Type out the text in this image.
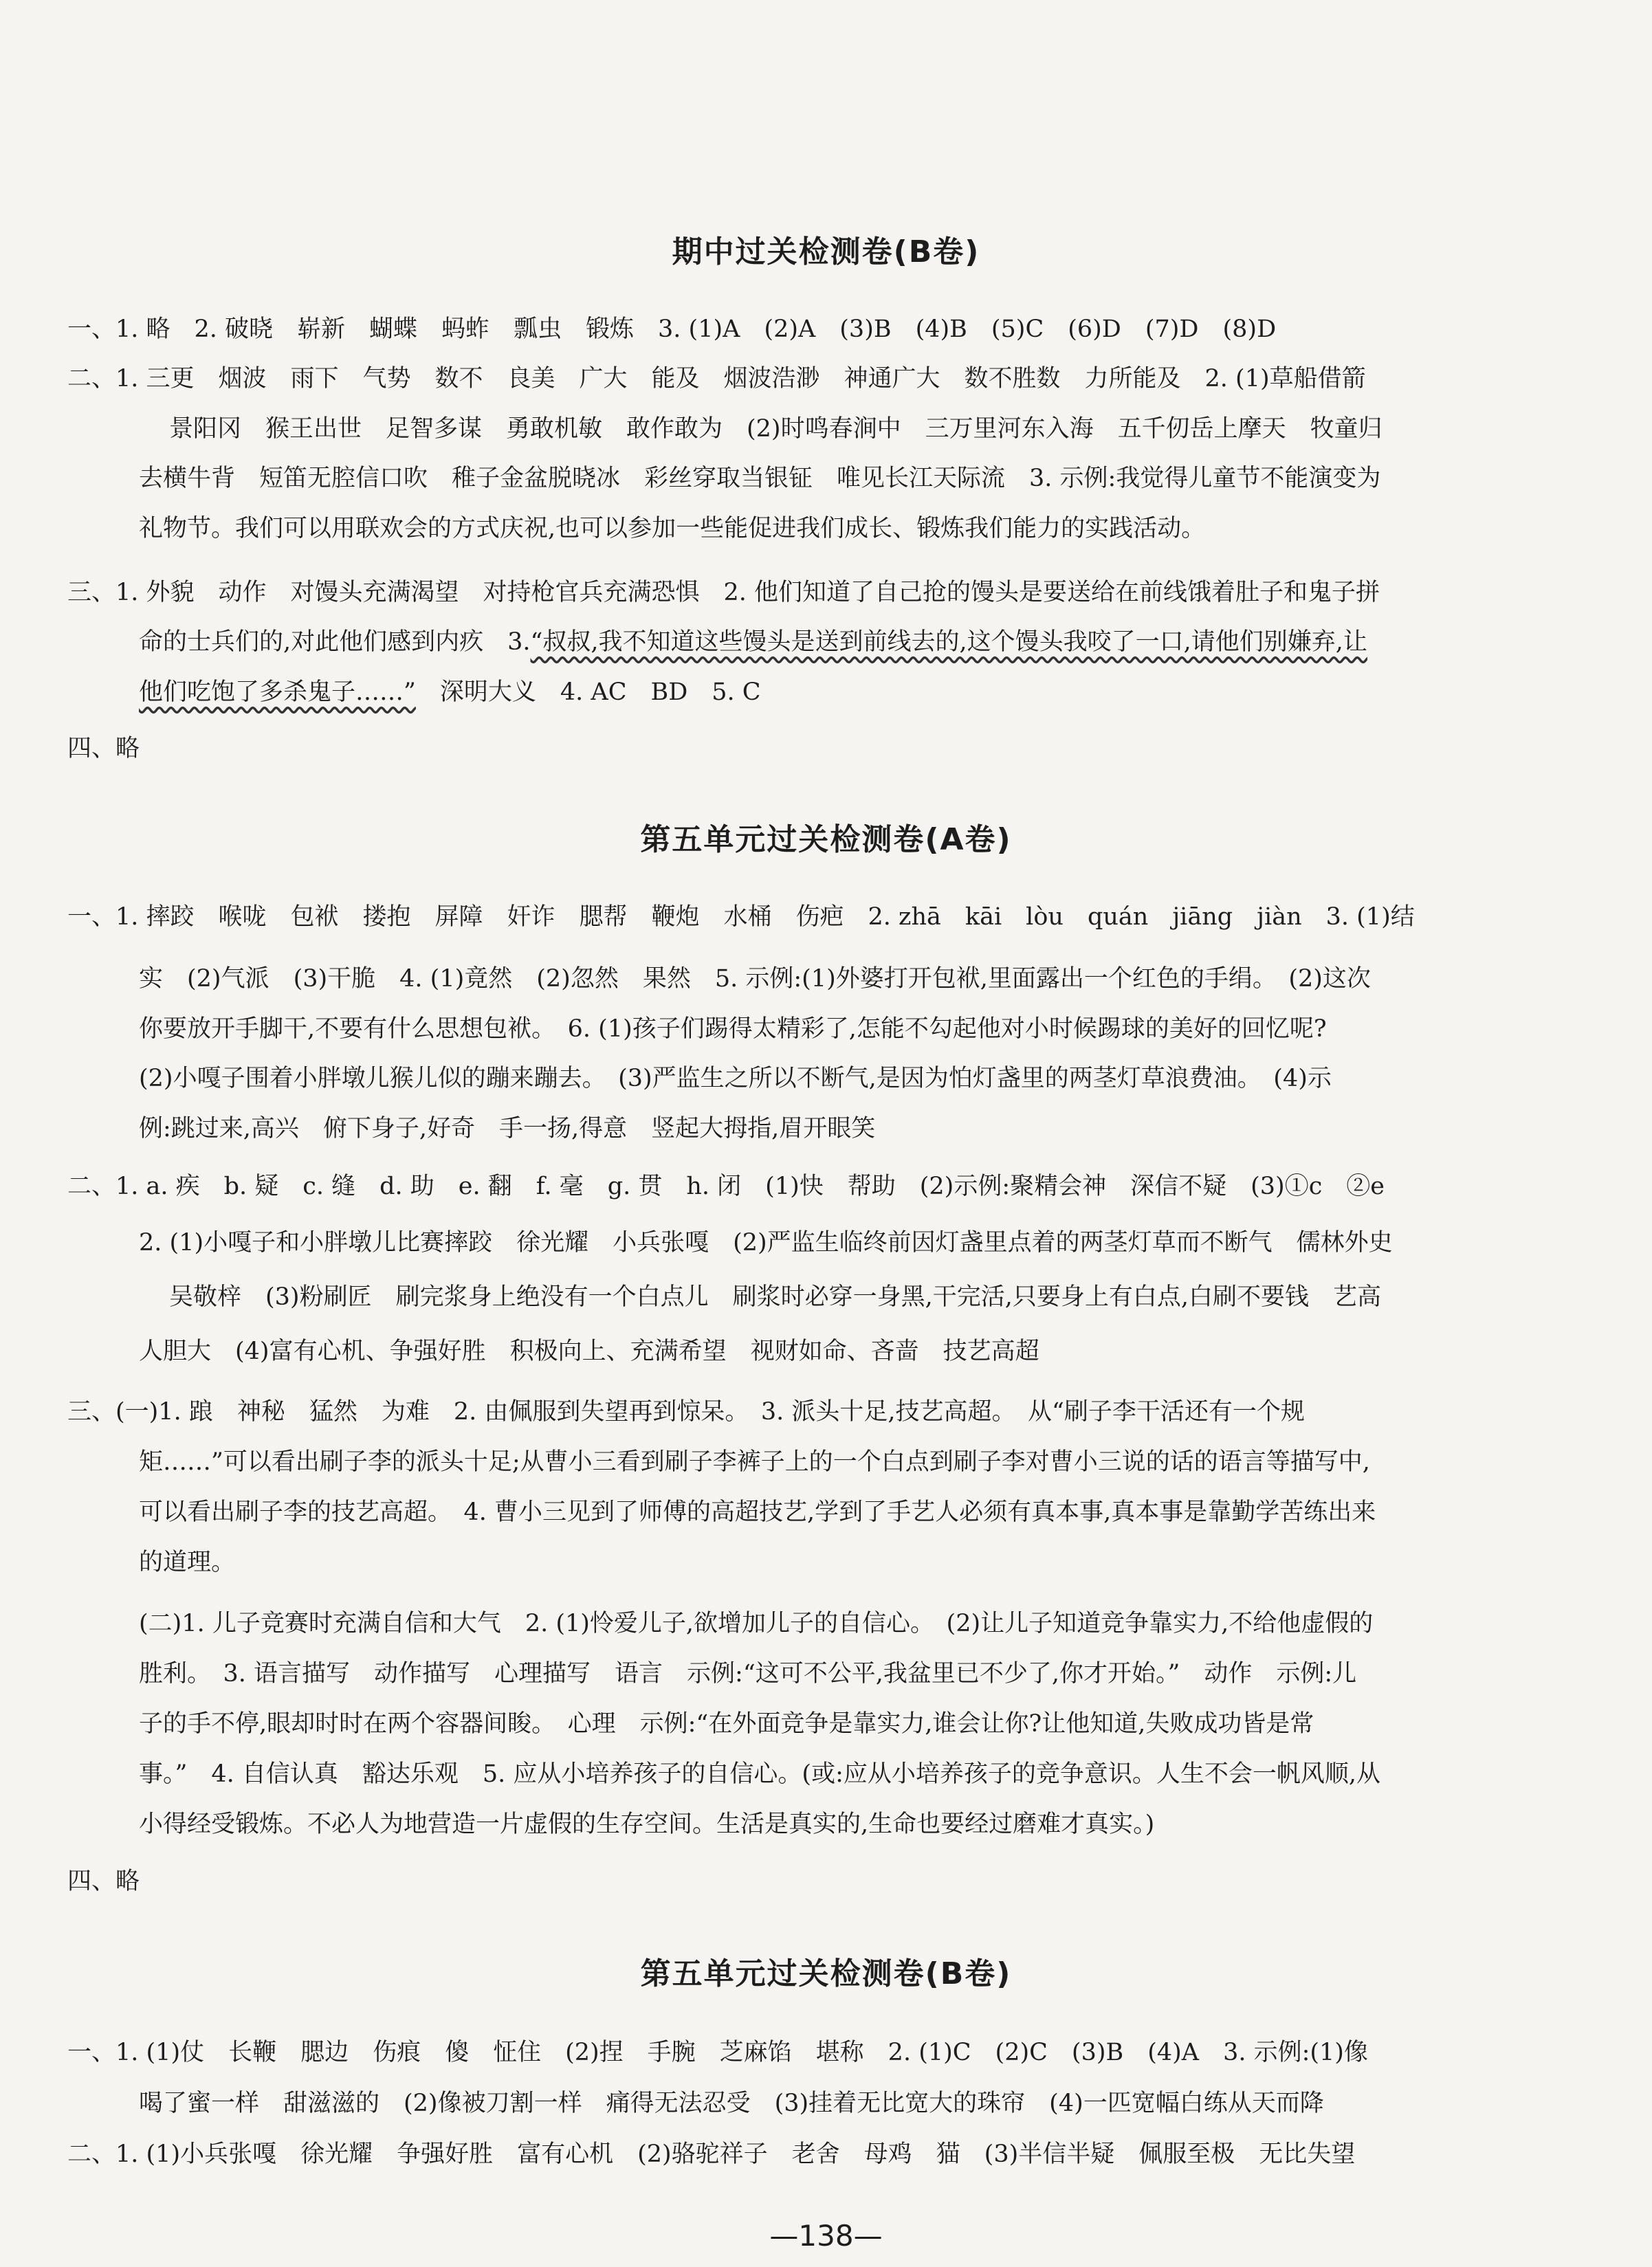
期中过关检测卷(B卷)
一、1. 略　2. 破晓　崭新　蝴蝶　蚂蚱　瓢虫　锻炼　3. (1)A　(2)A　(3)B　(4)B　(5)C　(6)D　(7)D　(8)D
二、1. 三更　烟波　雨下　气势　数不　良美　广大　能及　烟波浩渺　神通广大　数不胜数　力所能及　2. (1)草船借箭
景阳冈　猴王出世　足智多谋　勇敢机敏　敢作敢为　(2)时鸣春涧中　三万里河东入海　五千仞岳上摩天　牧童归
去横牛背　短笛无腔信口吹　稚子金盆脱晓冰　彩丝穿取当银钲　唯见长江天际流　3. 示例:我觉得儿童节不能演变为
礼物节。我们可以用联欢会的方式庆祝,也可以参加一些能促进我们成长、锻炼我们能力的实践活动。
三、1. 外貌　动作　对馒头充满渴望　对持枪官兵充满恐惧　2. 他们知道了自己抢的馒头是要送给在前线饿着肚子和鬼子拼
命的士兵们的,对此他们感到内疚　3.“叔叔,我不知道这些馒头是送到前线去的,这个馒头我咬了一口,请他们别嫌弃,让
他们吃饱了多杀鬼子……”　深明大义　4. AC　BD　5. C
四、略
第五单元过关检测卷(A卷)
一、1. 摔跤　喉咙　包袱　搂抱　屏障　奸诈　腮帮　鞭炮　水桶　伤疤　2. zhā　kāi　lòu　quán　jiāng　jiàn　3. (1)结
实　(2)气派　(3)干脆　4. (1)竟然　(2)忽然　果然　5. 示例:(1)外婆打开包袱,里面露出一个红色的手绢。　(2)这次
你要放开手脚干,不要有什么思想包袱。　6. (1)孩子们踢得太精彩了,怎能不勾起他对小时候踢球的美好的回忆呢?
(2)小嘎子围着小胖墩儿猴儿似的蹦来蹦去。　(3)严监生之所以不断气,是因为怕灯盏里的两茎灯草浪费油。　(4)示
例:跳过来,高兴　俯下身子,好奇　手一扬,得意　竖起大拇指,眉开眼笑
二、1. a. 疾　b. 疑　c. 缝　d. 助　e. 翻　f. 毫　g. 贯　h. 闭　(1)快　帮助　(2)示例:聚精会神　深信不疑　(3)①c　②e
2. (1)小嘎子和小胖墩儿比赛摔跤　徐光耀　小兵张嘎　(2)严监生临终前因灯盏里点着的两茎灯草而不断气　儒林外史
吴敬梓　(3)粉刷匠　刷完浆身上绝没有一个白点儿　刷浆时必穿一身黑,干完活,只要身上有白点,白刷不要钱　艺高
人胆大　(4)富有心机、争强好胜　积极向上、充满希望　视财如命、吝啬　技艺高超
三、(一)1. 踉　神秘　猛然　为难　2. 由佩服到失望再到惊呆。　3. 派头十足,技艺高超。　从“刷子李干活还有一个规
矩……”可以看出刷子李的派头十足;从曹小三看到刷子李裤子上的一个白点到刷子李对曹小三说的话的语言等描写中,
可以看出刷子李的技艺高超。　4. 曹小三见到了师傅的高超技艺,学到了手艺人必须有真本事,真本事是靠勤学苦练出来
的道理。
(二)1. 儿子竞赛时充满自信和大气　2. (1)怜爱儿子,欲增加儿子的自信心。　(2)让儿子知道竞争靠实力,不给他虚假的
胜利。　3. 语言描写　动作描写　心理描写　语言　示例:“这可不公平,我盆里已不少了,你才开始。”　动作　示例:儿
子的手不停,眼却时时在两个容器间睃。　心理　示例:“在外面竞争是靠实力,谁会让你?让他知道,失败成功皆是常
事。”　4. 自信认真　豁达乐观　5. 应从小培养孩子的自信心。(或:应从小培养孩子的竞争意识。人生不会一帆风顺,从
小得经受锻炼。不必人为地营造一片虚假的生存空间。生活是真实的,生命也要经过磨难才真实。)
四、略
第五单元过关检测卷(B卷)
一、1. (1)仗　长鞭　腮边　伤痕　傻　怔住　(2)捏　手腕　芝麻馅　堪称　2. (1)C　(2)C　(3)B　(4)A　3. 示例:(1)像
喝了蜜一样　甜滋滋的　(2)像被刀割一样　痛得无法忍受　(3)挂着无比宽大的珠帘　(4)一匹宽幅白练从天而降
二、1. (1)小兵张嘎　徐光耀　争强好胜　富有心机　(2)骆驼祥子　老舍　母鸡　猫　(3)半信半疑　佩服至极　无比失望
—138—
